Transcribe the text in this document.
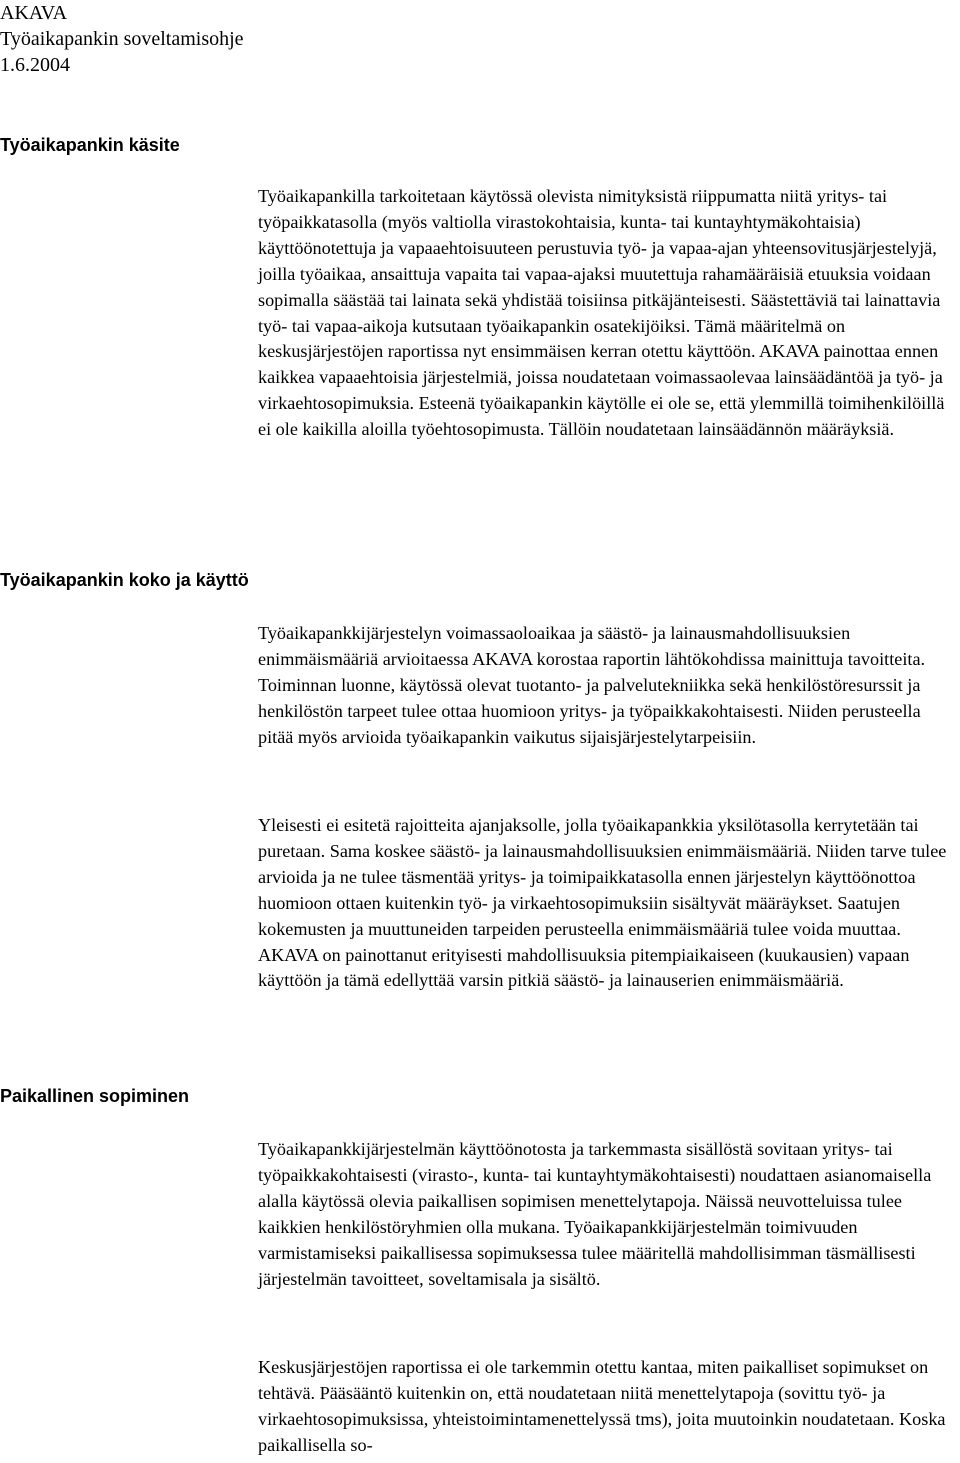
AKAVA
Työaikapankin soveltamisohje
1.6.2004
Työaikapankin käsite

Työaikapankilla tarkoitetaan käytössä olevista nimityksistä riippumatta niitä yritys- tai työpaikkatasolla (myös valtiolla virastokohtaisia, kunta- tai kuntayhtymäkohtaisia) käyttöönotettuja ja vapaaehtoisuuteen perustuvia työ- ja vapaa-ajan yhteensovitusjärjestelyjä, joilla työaikaa, ansaittuja vapaita tai vapaa-ajaksi muutettuja rahamääräisiä etuuksia voidaan sopimalla säästää tai lainata sekä yhdistää toisiinsa pitkäjänteisesti. Säästettäviä tai lainattavia työ- tai vapaa-aikoja kutsutaan työaikapankin osatekijöiksi. Tämä määritelmä on keskusjärjestöjen raportissa nyt ensimmäisen kerran otettu käyttöön. AKAVA painottaa ennen kaikkea vapaaehtoisia järjestelmiä, joissa noudatetaan voimassaolevaa lainsäädäntöä ja työ- ja virkaehtosopimuksia. Esteenä työaikapankin käytölle ei ole se, että ylemmillä toimihenkilöillä ei ole kaikilla aloilla työehtosopimusta. Tällöin noudatetaan lainsäädännön määräyksiä.

Työaikapankin koko ja käyttö

Työaikapankkijärjestelyn voimassaoloaikaa ja säästö- ja lainausmahdollisuuksien enimmäismääriä arvioitaessa AKAVA korostaa raportin lähtökohdissa mainittuja tavoitteita. Toiminnan luonne, käytössä olevat tuotanto- ja palvelutekniikka sekä henkilöstöresurssit ja henkilöstön tarpeet tulee ottaa huomioon yritys- ja työpaikkakohtaisesti. Niiden perusteella pitää myös arvioida työaikapankin vaikutus sijaisjärjestelytarpeisiin.

Yleisesti ei esitetä rajoitteita ajanjaksolle, jolla työaikapankkia yksilötasolla kerrytetään tai puretaan. Sama koskee säästö- ja lainausmahdollisuuksien enimmäismääriä. Niiden tarve tulee arvioida ja ne tulee täsmentää yritys- ja toimipaikkatasolla ennen järjestelyn käyttöönottoa huomioon ottaen kuitenkin työ- ja virkaehtosopimuksiin sisältyvät määräykset. Saatujen kokemusten ja muuttuneiden tarpeiden perusteella enimmäismääriä tulee voida muuttaa. AKAVA on painottanut erityisesti mahdollisuuksia pitempiaikaiseen (kuukausien) vapaan käyttöön ja tämä edellyttää varsin pitkiä säästö- ja lainauserien enimmäismääriä.

Paikallinen sopiminen

Työaikapankkijärjestelmän käyttöönotosta ja tarkemmasta sisällöstä sovitaan yritys- tai työpaikkakohtaisesti (virasto-, kunta- tai kuntayhtymäkohtaisesti) noudattaen asianomaisella alalla käytössä olevia paikallisen sopimisen menettelytapoja. Näissä neuvotteluissa tulee kaikkien henkilöstöryhmien olla mukana. Työaikapankkijärjestelmän toimivuuden varmistamiseksi paikallisessa sopimuksessa tulee määritellä mahdollisimman täsmällisesti järjestelmän tavoitteet, soveltamisala ja sisältö.

Keskusjärjestöjen raportissa ei ole tarkemmin otettu kantaa, miten paikalliset sopimukset on tehtävä. Pääsääntö kuitenkin on, että noudatetaan niitä menettelytapoja (sovittu työ- ja virkaehtosopimuksissa, yhteistoimintamenettelyssä tms), joita muutoinkin noudatetaan. Koska paikallisella so-
